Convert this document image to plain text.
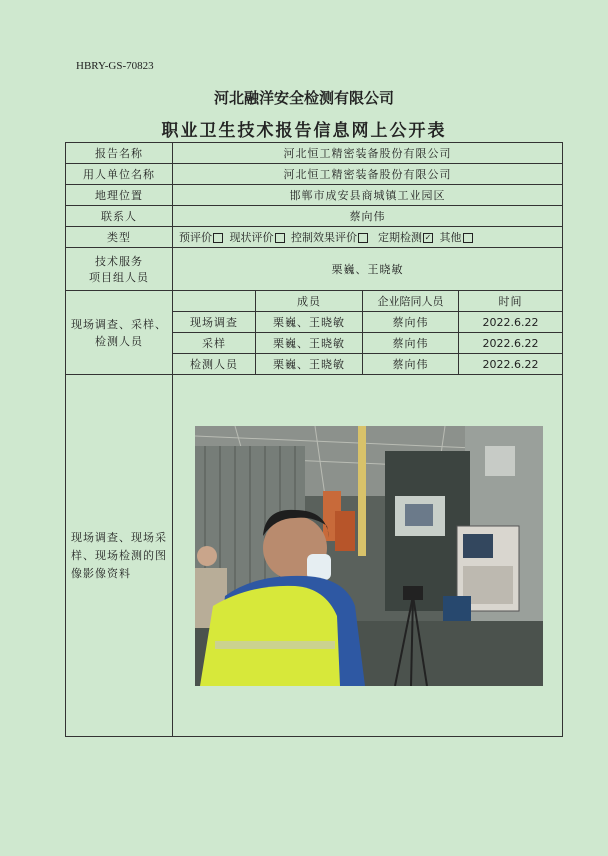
HBRY-GS-70823
河北融洋安全检测有限公司
职业卫生技术报告信息网上公开表
报告名称	河北恒工精密装备股份有限公司			
用人单位名称	河北恒工精密装备股份有限公司			
地理位置	邯郸市成安县商城镇工业园区			
联系人	蔡向伟			
类型	预评价 现状评价 控制效果评价 定期检测 ✓ 其他			

技术服务
项目组人员	栗巍、王晓敏			
现场调查、采样、检测人员		成员	企业陪同人员	时间
	现场调查	栗巍、王晓敏	蔡向伟	2022.6.22
	采样	栗巍、王晓敏	蔡向伟	2022.6.22
	检测人员	栗巍、王晓敏	蔡向伟	2022.6.22
现场调查、现场采样、现场检测的图像影像资料				
